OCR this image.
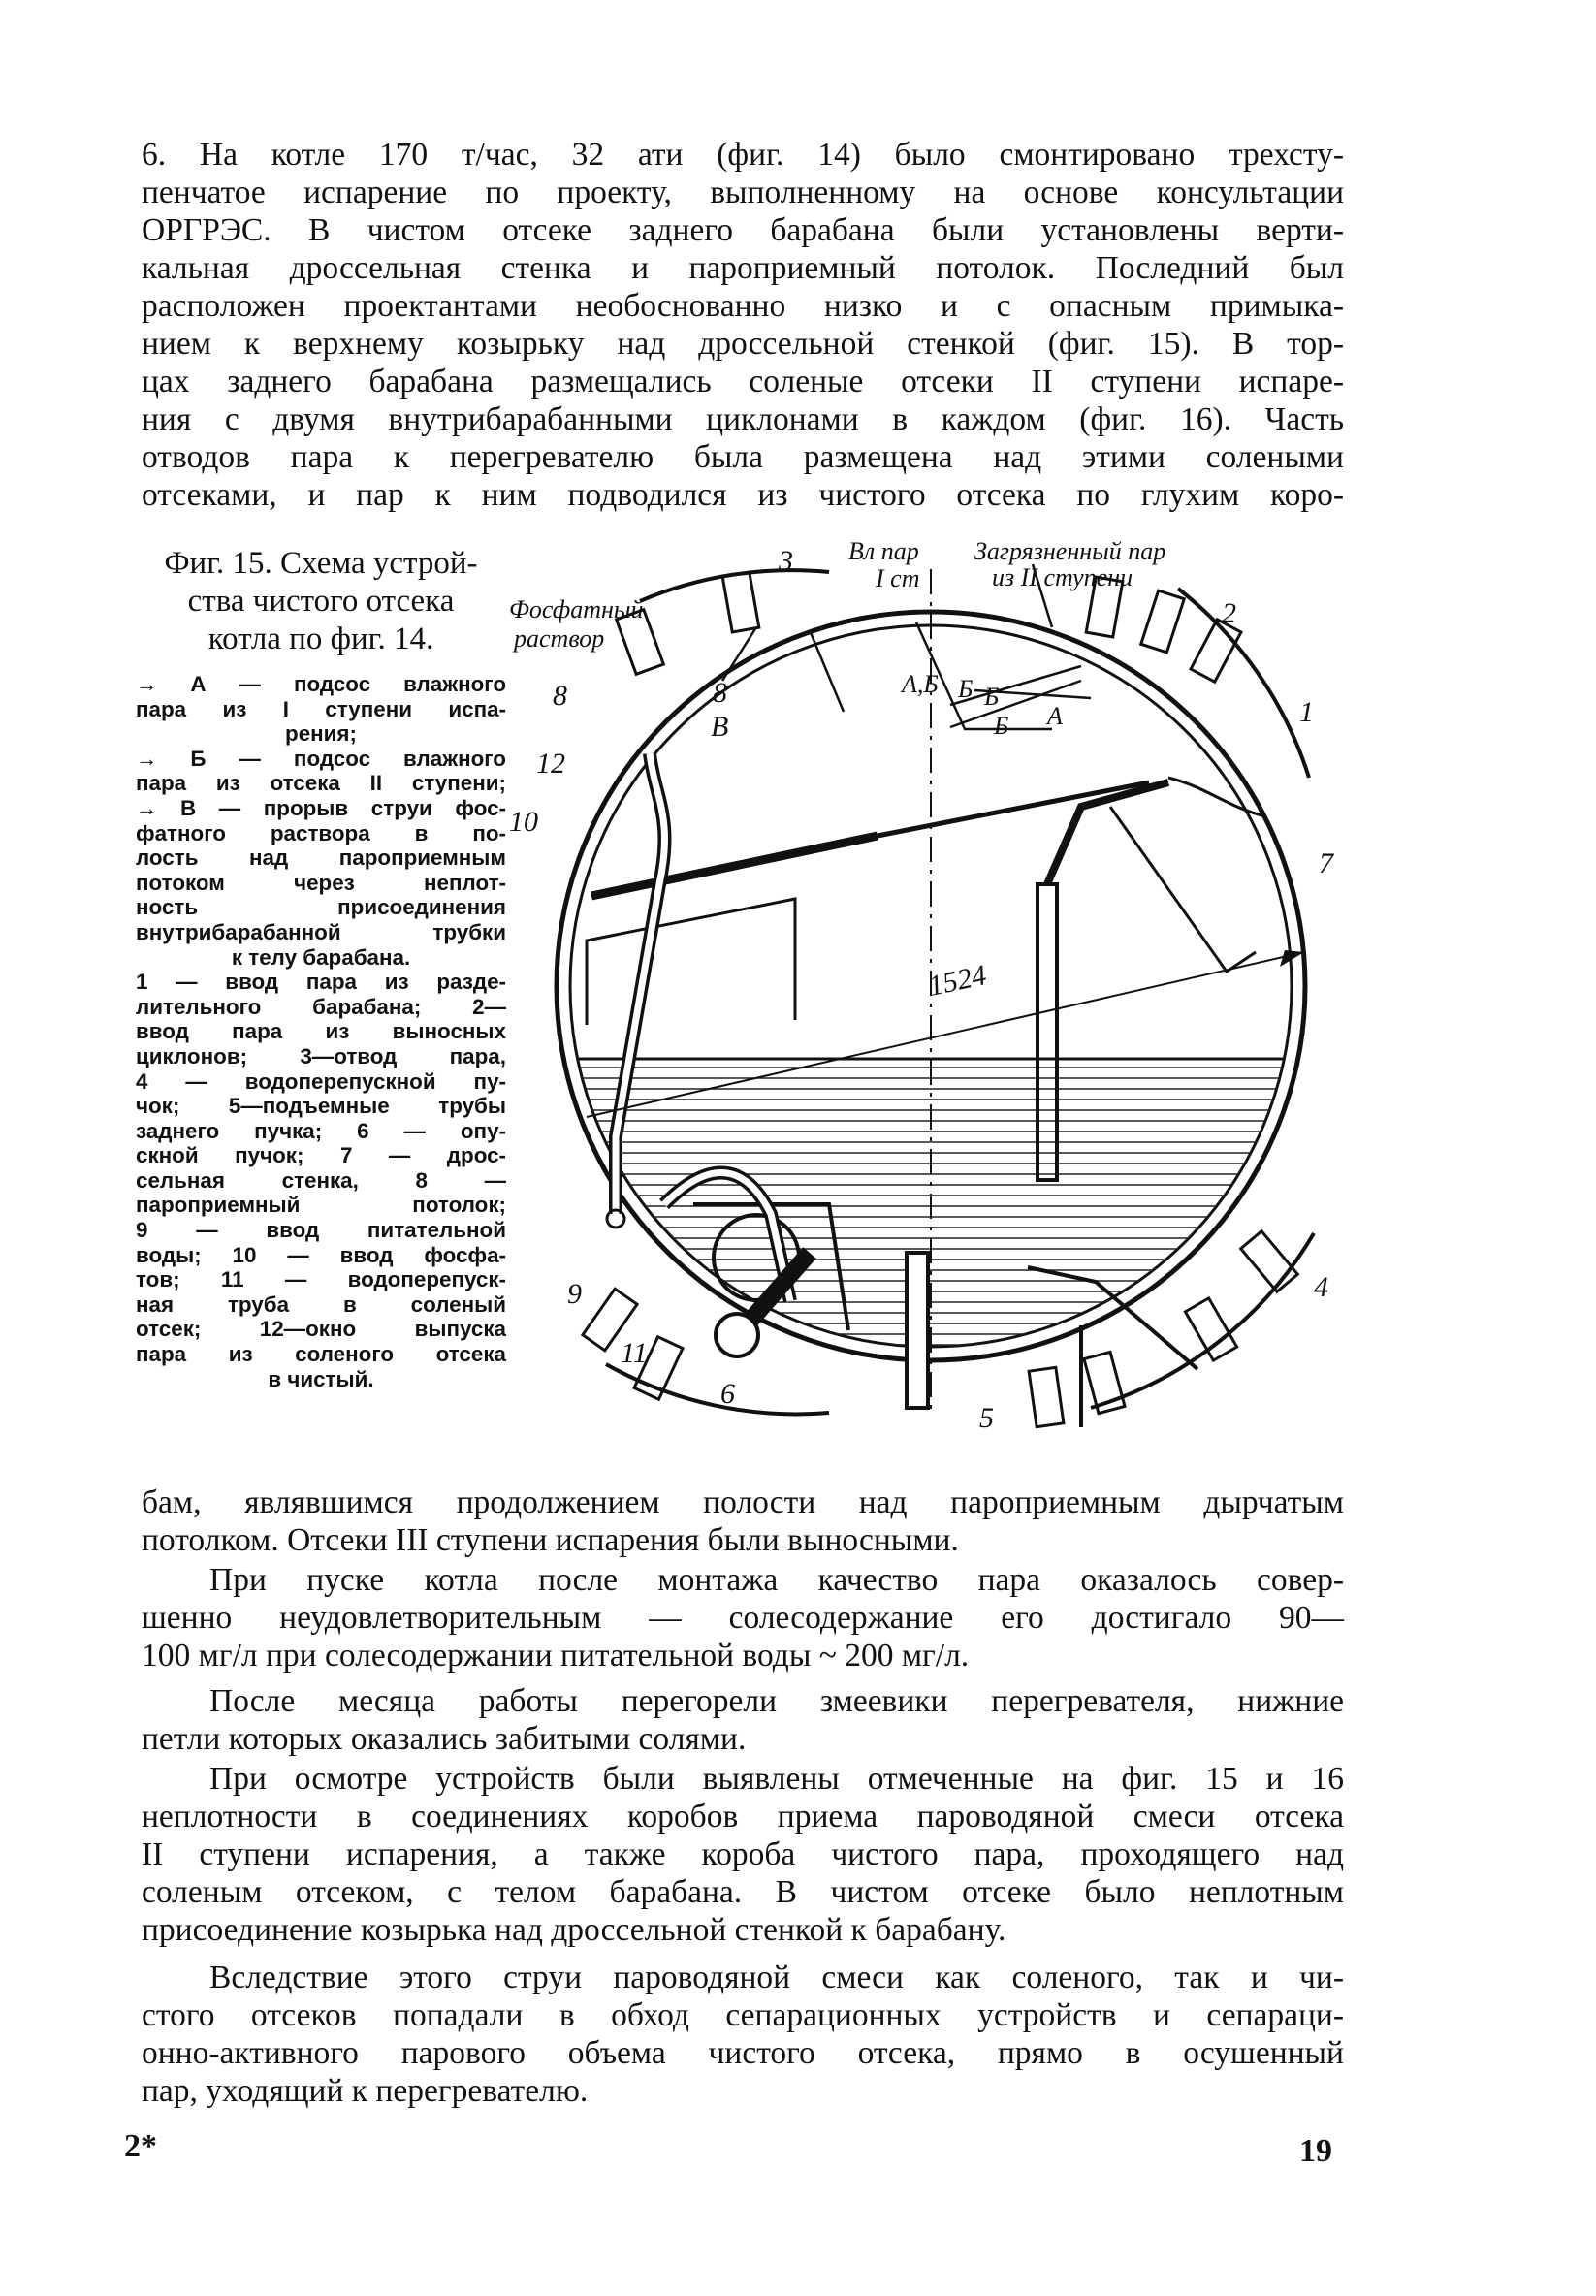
6. На котле 170 т/час, 32 ати (фиг. 14) было смонтировано трехсту-
пенчатое испарение по проекту, выполненному на основе консультации
ОРГРЭС. В чистом отсеке заднего барабана были установлены верти-
кальная дроссельная стенка и пароприемный потолок. Последний был
расположен проектантами необоснованно низко и с опасным примыка-
нием к верхнему козырьку над дроссельной стенкой (фиг. 15). В тор-
цах заднего барабана размещались соленые отсеки II ступени испаре-
ния с двумя внутрибарабанными циклонами в каждом (фиг. 16). Часть
отводов пара к перегревателю была размещена над этими солеными
отсеками, и пар к ним подводился из чистого отсека по глухим коро-

Фиг. 15. Схема устрой-
ства чистого отсека
котла по фиг. 14.

→ А — подсос влажного
пара из I ступени испа-
рения;
→ Б — подсос влажного
пара из отсека II ступени;
→ В — прорыв струи фос-
фатного раствора в по-
лость над пароприемным
потоком через неплот-
ность присоединения
внутрибарабанной трубки
к телу барабана.
1 — ввод пара из разде-
лительного барабана; 2—
ввод пара из выносных
циклонов; 3—отвод пара,
4 — водоперепускной пу-
чок; 5—подъемные трубы
заднего пучка; 6 — опу-
скной пучок; 7 — дрос-
сельная стенка, 8 —
пароприемный потолок;
9 — ввод питательной
воды; 10 — ввод фосфа-
тов; 11 — водоперепуск-
ная труба в соленый
отсек; 12—окно выпуска
пара из соленого отсека
в чистый.
Вл пар
I ст
Загрязненный пар
из II ступени
Фосфатный
раствор
3
2
1
7
4
5
6
9
11
12
10
8	8
В
А,Б Б Б
Б А
1524
бам, являвшимся продолжением полости над пароприемным дырчатым
потолком. Отсеки III ступени испарения были выносными.
При пуске котла после монтажа качество пара оказалось совер-
шенно неудовлетворительным — солесодержание его достигало 90—
100 мг/л при солесодержании питательной воды ~ 200 мг/л.
После месяца работы перегорели змеевики перегревателя, нижние
петли которых оказались забитыми солями.
При осмотре устройств были выявлены отмеченные на фиг. 15 и 16
неплотности в соединениях коробов приема пароводяной смеси отсека
II ступени испарения, а также короба чистого пара, проходящего над
соленым отсеком, с телом барабана. В чистом отсеке было неплотным
присоединение козырька над дроссельной стенкой к барабану.
Вследствие этого струи пароводяной смеси как соленого, так и чи-
стого отсеков попадали в обход сепарационных устройств и сепараци-
онно-активного парового объема чистого отсека, прямо в осушенный
пар, уходящий к перегревателю.
2*	19
